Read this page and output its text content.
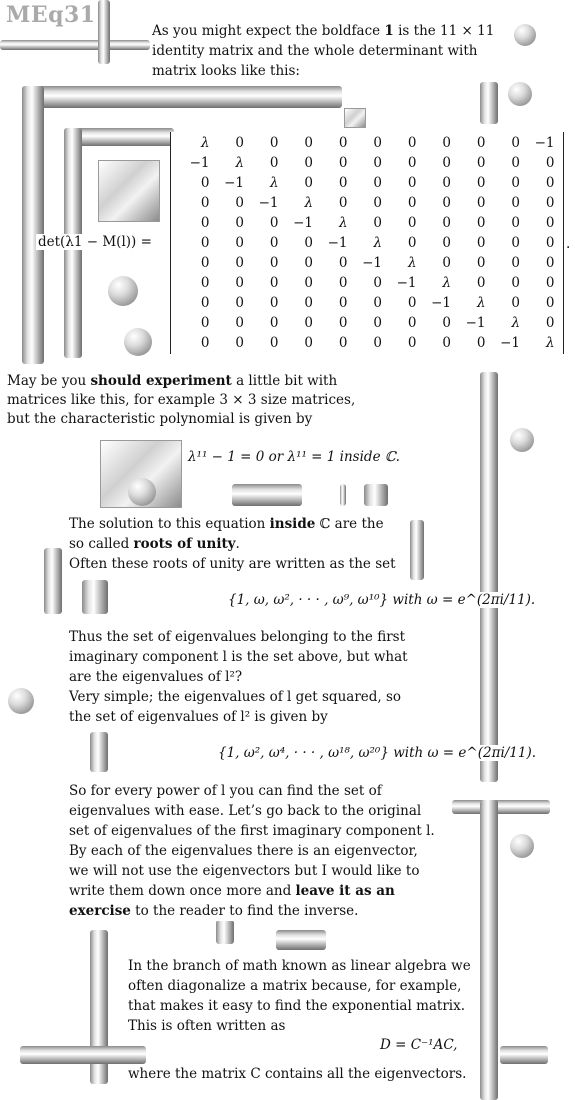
MEq31
As you might expect the boldface 1 is the 11 × 11
identity matrix and the whole determinant with
matrix looks like this:
det(λ1 − M(l)) =
λ	0	0	0	0	0	0	0	0	0	−1
−1	λ	0	0	0	0	0	0	0	0	0
0	−1	λ	0	0	0	0	0	0	0	0
0	0	−1	λ	0	0	0	0	0	0	0
0	0	0	−1	λ	0	0	0	0	0	0
0	0	0	0	−1	λ	0	0	0	0	0
0	0	0	0	0	−1	λ	0	0	0	0
0	0	0	0	0	0	−1	λ	0	0	0
0	0	0	0	0	0	0	−1	λ	0	0
0	0	0	0	0	0	0	0	−1	λ	0
0	0	0	0	0	0	0	0	0	−1	λ
.
May be you should experiment a little bit with
matrices like this, for example 3 × 3 size matrices,
but the characteristic polynomial is given by
λ¹¹ − 1 = 0 or λ¹¹ = 1 inside ℂ.
The solution to this equation inside ℂ are the
so called roots of unity.
Often these roots of unity are written as the set
{1, ω, ω², · · · , ω⁹, ω¹⁰} with ω = e^(2πi/11).
Thus the set of eigenvalues belonging to the first
imaginary component l is the set above, but what
are the eigenvalues of l²?
Very simple; the eigenvalues of l get squared, so
the set of eigenvalues of l² is given by
{1, ω², ω⁴, · · · , ω¹⁸, ω²⁰} with ω = e^(2πi/11).
So for every power of l you can find the set of
eigenvalues with ease. Let’s go back to the original
set of eigenvalues of the first imaginary component l.
By each of the eigenvalues there is an eigenvector,
we will not use the eigenvectors but I would like to
write them down once more and leave it as an
exercise to the reader to find the inverse.
In the branch of math known as linear algebra we
often diagonalize a matrix because, for example,
that makes it easy to find the exponential matrix.
This is often written as
D = C⁻¹AC,
where the matrix C contains all the eigenvectors.
